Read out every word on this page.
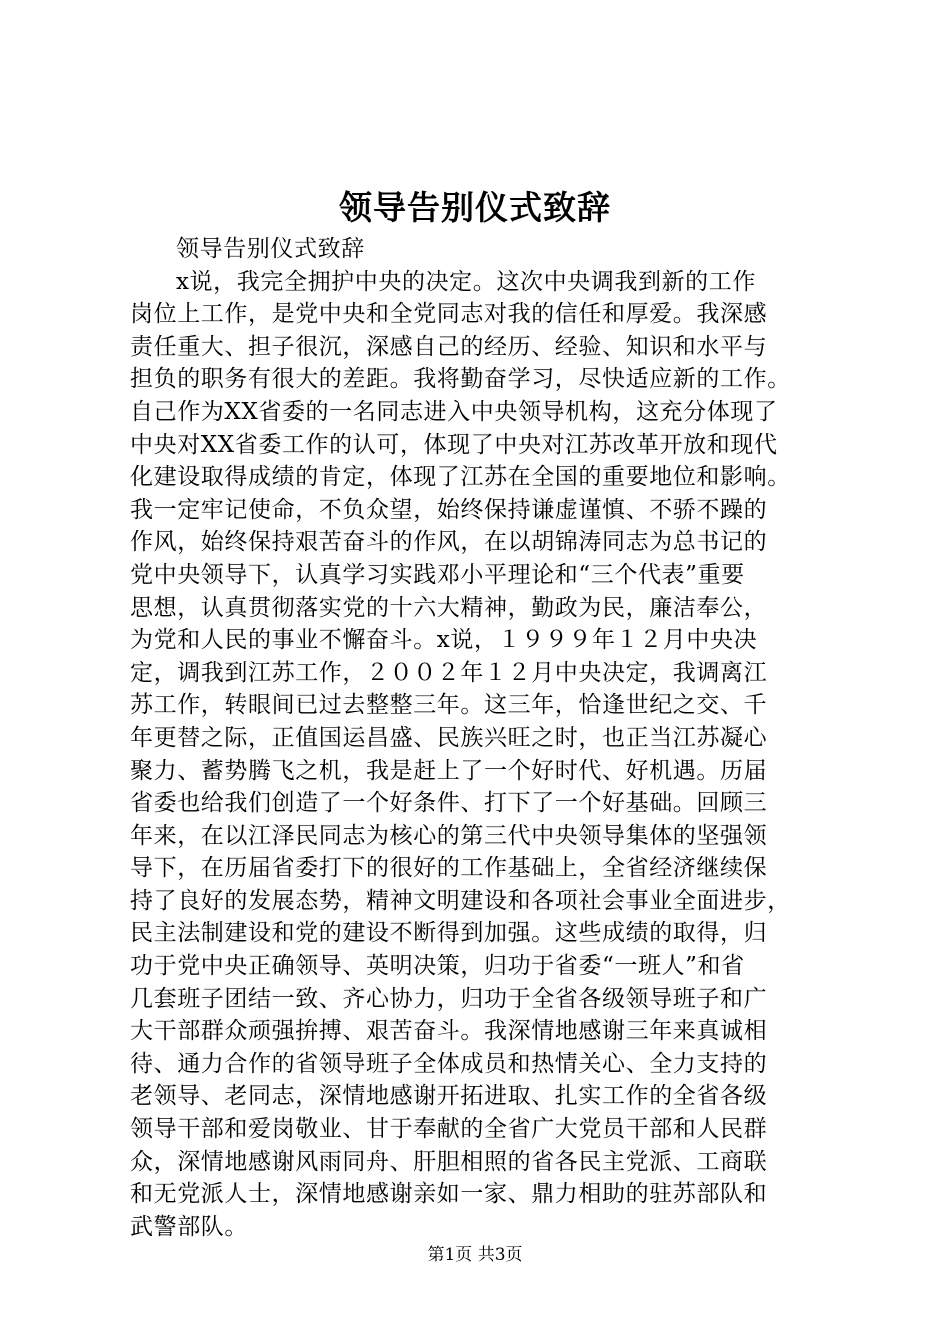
领导告别仪式致辞
领导告别仪式致辞
x说，我完全拥护中央的决定。这次中央调我到新的工作
岗位上工作，是党中央和全党同志对我的信任和厚爱。我深感
责任重大、担子很沉，深感自己的经历、经验、知识和水平与
担负的职务有很大的差距。我将勤奋学习，尽快适应新的工作。
自己作为XX省委的一名同志进入中央领导机构，这充分体现了
中央对XX省委工作的认可，体现了中央对江苏改革开放和现代
化建设取得成绩的肯定，体现了江苏在全国的重要地位和影响。
我一定牢记使命，不负众望，始终保持谦虚谨慎、不骄不躁的
作风，始终保持艰苦奋斗的作风，在以胡锦涛同志为总书记的
党中央领导下，认真学习实践邓小平理论和“三个代表”重要
思想，认真贯彻落实党的十六大精神，勤政为民，廉洁奉公，
为党和人民的事业不懈奋斗。x说，１９９９年１２月中央决
定，调我到江苏工作，２００２年１２月中央决定，我调离江
苏工作，转眼间已过去整整三年。这三年，恰逢世纪之交、千
年更替之际，正值国运昌盛、民族兴旺之时，也正当江苏凝心
聚力、蓄势腾飞之机，我是赶上了一个好时代、好机遇。历届
省委也给我们创造了一个好条件、打下了一个好基础。回顾三
年来，在以江泽民同志为核心的第三代中央领导集体的坚强领
导下，在历届省委打下的很好的工作基础上，全省经济继续保
持了良好的发展态势，精神文明建设和各项社会事业全面进步，
民主法制建设和党的建设不断得到加强。这些成绩的取得，归
功于党中央正确领导、英明决策，归功于省委“一班人”和省
几套班子团结一致、齐心协力，归功于全省各级领导班子和广
大干部群众顽强拚搏、艰苦奋斗。我深情地感谢三年来真诚相
待、通力合作的省领导班子全体成员和热情关心、全力支持的
老领导、老同志，深情地感谢开拓进取、扎实工作的全省各级
领导干部和爱岗敬业、甘于奉献的全省广大党员干部和人民群
众，深情地感谢风雨同舟、肝胆相照的省各民主党派、工商联
和无党派人士，深情地感谢亲如一家、鼎力相助的驻苏部队和
武警部队。
第1页 共3页
